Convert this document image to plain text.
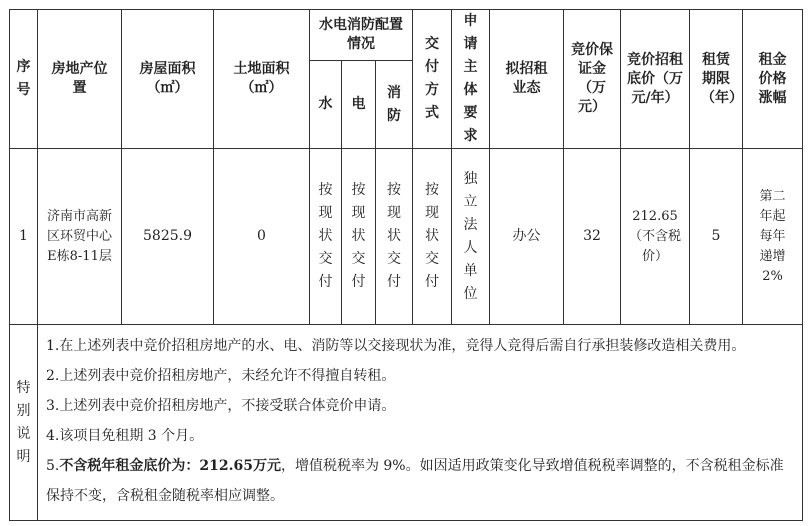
序号	房地产位置	房屋面积（㎡）	土地面积（㎡）	水电消防配置情况			交付方式	申请主体要求	拟招租业态	竞价保证金（万元）	竞价招租底价（万元/年）	租赁期限（年）	租金价格涨幅
				水	电	消防							
1	济南市高新区环贸中心E栋8-11层	5825.9	0	按现状交付	按现状交付	按现状交付	按现状交付	独立法人单位	办公	32	212.65（不含税价）	5	第二年起每年递增2%
特别说明	1.在上述列表中竞价招租房地产的水、电、消防等以交接现状为准，竞得人竞得后需自行承担装修改造相关费用。
2.上述列表中竞价招租房地产，未经允许不得擅自转租。
3.上述列表中竞价招租房地产，不接受联合体竞价申请。
4.该项目免租期 3 个月。
5.不含税年租金底价为：212.65万元，增值税税率为 9%。如因适用政策变化导致增值税税率调整的，不含税租金标准保持不变，含税租金随税率相应调整。												
